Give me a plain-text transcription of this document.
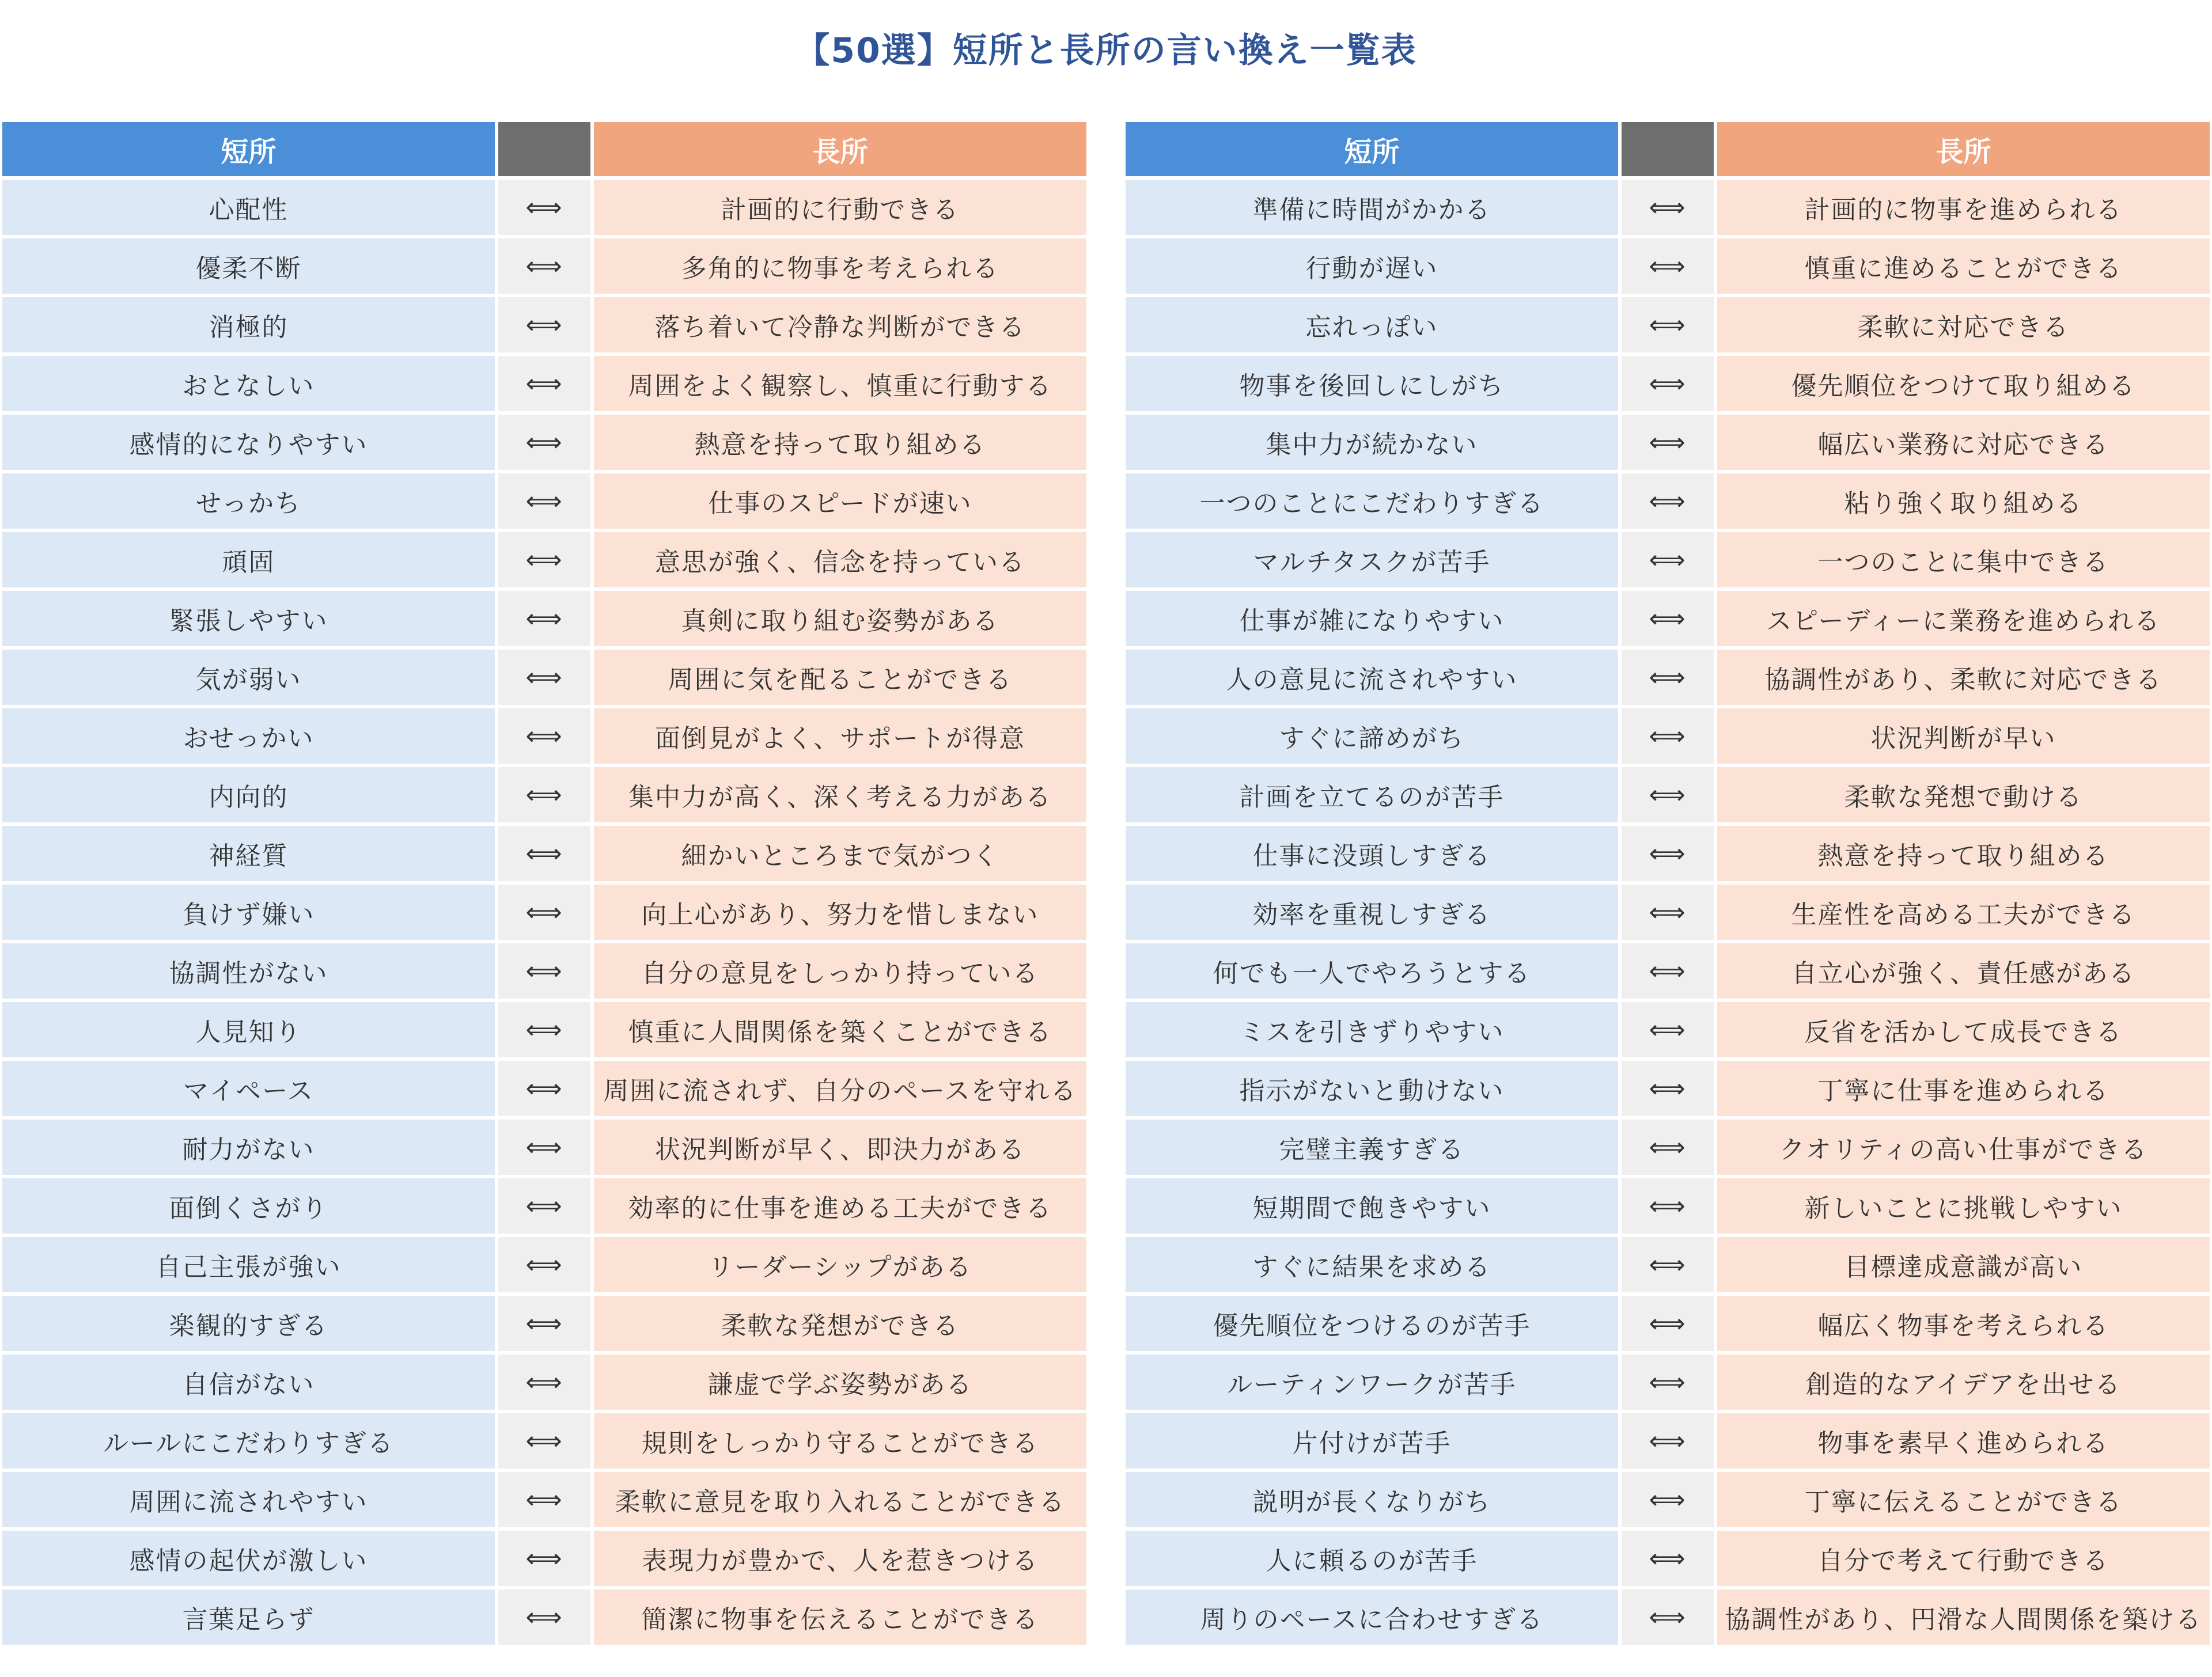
【50選】短所と長所の言い換え一覧表
短所		長所
心配性	⟺	計画的に行動できる
優柔不断	⟺	多角的に物事を考えられる
消極的	⟺	落ち着いて冷静な判断ができる
おとなしい	⟺	周囲をよく観察し、慎重に行動する
感情的になりやすい	⟺	熱意を持って取り組める
せっかち	⟺	仕事のスピードが速い
頑固	⟺	意思が強く、信念を持っている
緊張しやすい	⟺	真剣に取り組む姿勢がある
気が弱い	⟺	周囲に気を配ることができる
おせっかい	⟺	面倒見がよく、サポートが得意
内向的	⟺	集中力が高く、深く考える力がある
神経質	⟺	細かいところまで気がつく
負けず嫌い	⟺	向上心があり、努力を惜しまない
協調性がない	⟺	自分の意見をしっかり持っている
人見知り	⟺	慎重に人間関係を築くことができる
マイペース	⟺	周囲に流されず、自分のペースを守れる
耐力がない	⟺	状況判断が早く、即決力がある
面倒くさがり	⟺	効率的に仕事を進める工夫ができる
自己主張が強い	⟺	リーダーシップがある
楽観的すぎる	⟺	柔軟な発想ができる
自信がない	⟺	謙虚で学ぶ姿勢がある
ルールにこだわりすぎる	⟺	規則をしっかり守ることができる
周囲に流されやすい	⟺	柔軟に意見を取り入れることができる
感情の起伏が激しい	⟺	表現力が豊かで、人を惹きつける
言葉足らず	⟺	簡潔に物事を伝えることができる
短所		長所
準備に時間がかかる	⟺	計画的に物事を進められる
行動が遅い	⟺	慎重に進めることができる
忘れっぽい	⟺	柔軟に対応できる
物事を後回しにしがち	⟺	優先順位をつけて取り組める
集中力が続かない	⟺	幅広い業務に対応できる
一つのことにこだわりすぎる	⟺	粘り強く取り組める
マルチタスクが苦手	⟺	一つのことに集中できる
仕事が雑になりやすい	⟺	スピーディーに業務を進められる
人の意見に流されやすい	⟺	協調性があり、柔軟に対応できる
すぐに諦めがち	⟺	状況判断が早い
計画を立てるのが苦手	⟺	柔軟な発想で動ける
仕事に没頭しすぎる	⟺	熱意を持って取り組める
効率を重視しすぎる	⟺	生産性を高める工夫ができる
何でも一人でやろうとする	⟺	自立心が強く、責任感がある
ミスを引きずりやすい	⟺	反省を活かして成長できる
指示がないと動けない	⟺	丁寧に仕事を進められる
完璧主義すぎる	⟺	クオリティの高い仕事ができる
短期間で飽きやすい	⟺	新しいことに挑戦しやすい
すぐに結果を求める	⟺	目標達成意識が高い
優先順位をつけるのが苦手	⟺	幅広く物事を考えられる
ルーティンワークが苦手	⟺	創造的なアイデアを出せる
片付けが苦手	⟺	物事を素早く進められる
説明が長くなりがち	⟺	丁寧に伝えることができる
人に頼るのが苦手	⟺	自分で考えて行動できる
周りのペースに合わせすぎる	⟺	協調性があり、円滑な人間関係を築ける
